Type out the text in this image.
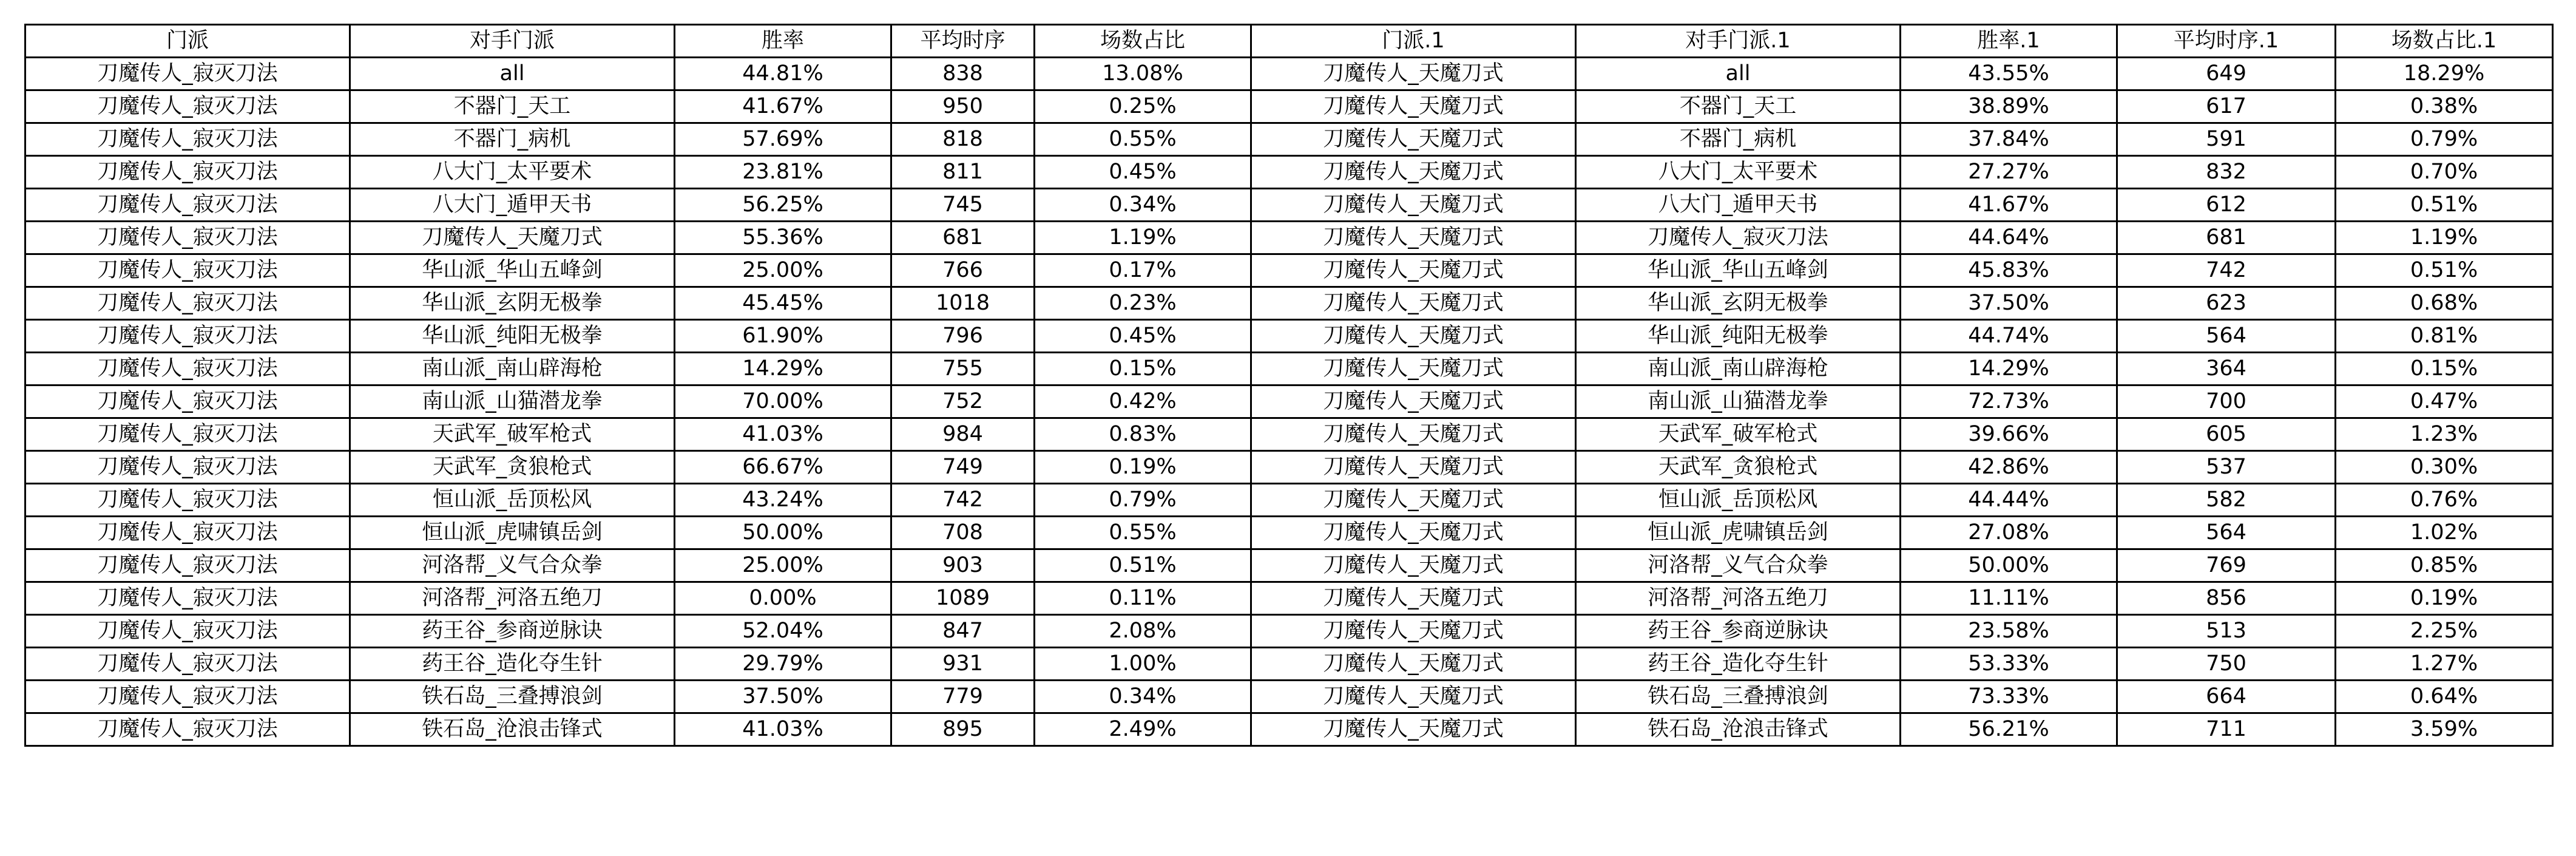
门派	对手门派	胜率	平均时序	场数占比	门派.1	对手门派.1	胜率.1	平均时序.1	场数占比.1
刀魔传人_寂灭刀法	all	44.81%	838	13.08%	刀魔传人_天魔刀式	all	43.55%	649	18.29%
刀魔传人_寂灭刀法	不器门_天工	41.67%	950	0.25%	刀魔传人_天魔刀式	不器门_天工	38.89%	617	0.38%
刀魔传人_寂灭刀法	不器门_病机	57.69%	818	0.55%	刀魔传人_天魔刀式	不器门_病机	37.84%	591	0.79%
刀魔传人_寂灭刀法	八大门_太平要术	23.81%	811	0.45%	刀魔传人_天魔刀式	八大门_太平要术	27.27%	832	0.70%
刀魔传人_寂灭刀法	八大门_遁甲天书	56.25%	745	0.34%	刀魔传人_天魔刀式	八大门_遁甲天书	41.67%	612	0.51%
刀魔传人_寂灭刀法	刀魔传人_天魔刀式	55.36%	681	1.19%	刀魔传人_天魔刀式	刀魔传人_寂灭刀法	44.64%	681	1.19%
刀魔传人_寂灭刀法	华山派_华山五峰剑	25.00%	766	0.17%	刀魔传人_天魔刀式	华山派_华山五峰剑	45.83%	742	0.51%
刀魔传人_寂灭刀法	华山派_玄阴无极拳	45.45%	1018	0.23%	刀魔传人_天魔刀式	华山派_玄阴无极拳	37.50%	623	0.68%
刀魔传人_寂灭刀法	华山派_纯阳无极拳	61.90%	796	0.45%	刀魔传人_天魔刀式	华山派_纯阳无极拳	44.74%	564	0.81%
刀魔传人_寂灭刀法	南山派_南山辟海枪	14.29%	755	0.15%	刀魔传人_天魔刀式	南山派_南山辟海枪	14.29%	364	0.15%
刀魔传人_寂灭刀法	南山派_山猫潜龙拳	70.00%	752	0.42%	刀魔传人_天魔刀式	南山派_山猫潜龙拳	72.73%	700	0.47%
刀魔传人_寂灭刀法	天武军_破军枪式	41.03%	984	0.83%	刀魔传人_天魔刀式	天武军_破军枪式	39.66%	605	1.23%
刀魔传人_寂灭刀法	天武军_贪狼枪式	66.67%	749	0.19%	刀魔传人_天魔刀式	天武军_贪狼枪式	42.86%	537	0.30%
刀魔传人_寂灭刀法	恒山派_岳顶松风	43.24%	742	0.79%	刀魔传人_天魔刀式	恒山派_岳顶松风	44.44%	582	0.76%
刀魔传人_寂灭刀法	恒山派_虎啸镇岳剑	50.00%	708	0.55%	刀魔传人_天魔刀式	恒山派_虎啸镇岳剑	27.08%	564	1.02%
刀魔传人_寂灭刀法	河洛帮_义气合众拳	25.00%	903	0.51%	刀魔传人_天魔刀式	河洛帮_义气合众拳	50.00%	769	0.85%
刀魔传人_寂灭刀法	河洛帮_河洛五绝刀	0.00%	1089	0.11%	刀魔传人_天魔刀式	河洛帮_河洛五绝刀	11.11%	856	0.19%
刀魔传人_寂灭刀法	药王谷_参商逆脉诀	52.04%	847	2.08%	刀魔传人_天魔刀式	药王谷_参商逆脉诀	23.58%	513	2.25%
刀魔传人_寂灭刀法	药王谷_造化夺生针	29.79%	931	1.00%	刀魔传人_天魔刀式	药王谷_造化夺生针	53.33%	750	1.27%
刀魔传人_寂灭刀法	铁石岛_三叠搏浪剑	37.50%	779	0.34%	刀魔传人_天魔刀式	铁石岛_三叠搏浪剑	73.33%	664	0.64%
刀魔传人_寂灭刀法	铁石岛_沧浪击锋式	41.03%	895	2.49%	刀魔传人_天魔刀式	铁石岛_沧浪击锋式	56.21%	711	3.59%
